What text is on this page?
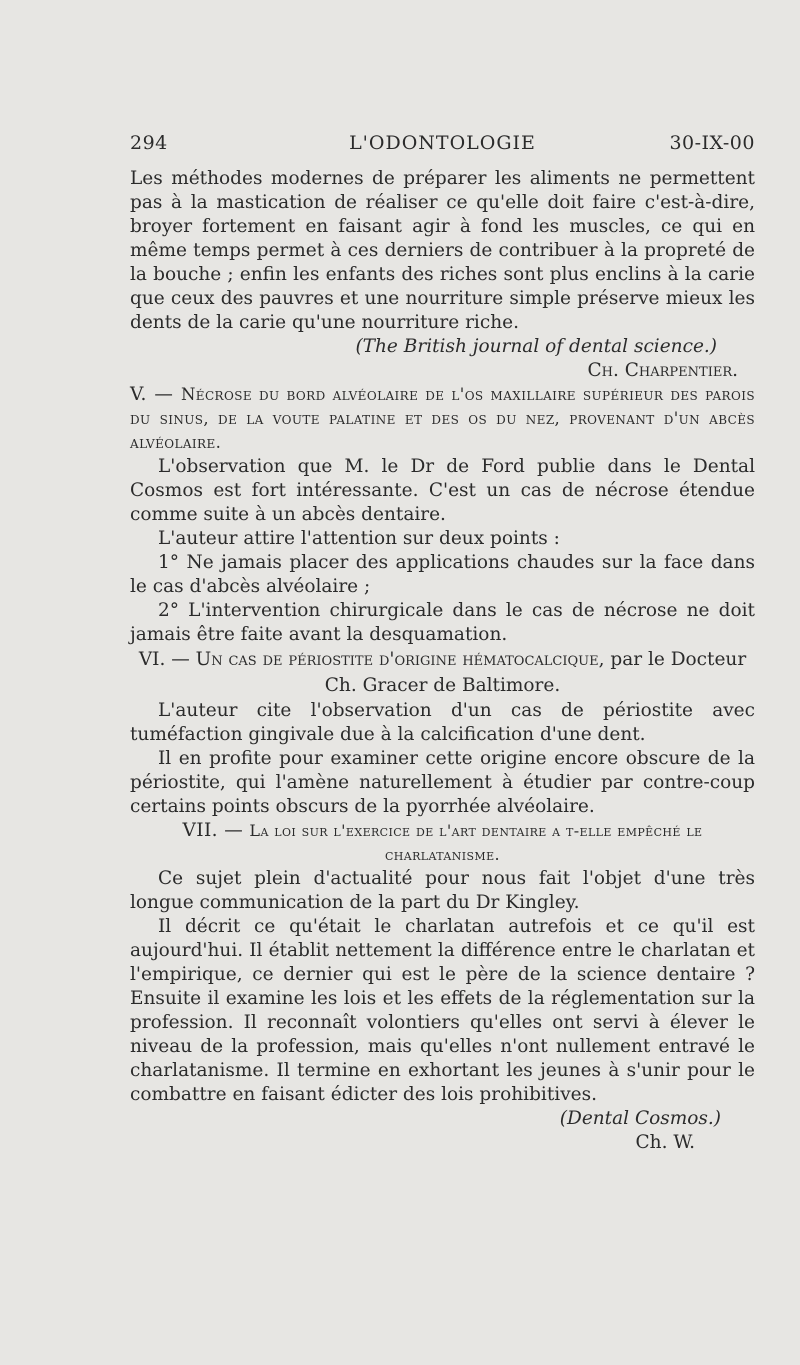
294	L'ODONTOLOGIE	30-IX-00

Les méthodes modernes de préparer les aliments ne permettent pas à la mastication de réaliser ce qu'elle doit faire c'est-à-dire, broyer fortement en faisant agir à fond les muscles, ce qui en même temps permet à ces derniers de contribuer à la propreté de la bouche ; enfin les enfants des riches sont plus enclins à la carie que ceux des pauvres et une nourriture simple préserve mieux les dents de la carie qu'une nourriture riche.

(The British journal of dental science.)

Ch. Charpentier.

V. — Nécrose du bord alvéolaire de l'os maxillaire supérieur des parois du sinus, de la voute palatine et des os du nez, provenant d'un abcès alvéolaire.

L'observation que M. le Dr de Ford publie dans le Dental Cosmos est fort intéressante. C'est un cas de nécrose étendue comme suite à un abcès dentaire.

L'auteur attire l'attention sur deux points :

1° Ne jamais placer des applications chaudes sur la face dans le cas d'abcès alvéolaire ;

2° L'intervention chirurgicale dans le cas de nécrose ne doit jamais être faite avant la desquamation.

VI. — Un cas de périostite d'origine hématocalcique, par le Docteur Ch. Gracer de Baltimore.

L'auteur cite l'observation d'un cas de périostite avec tuméfaction gingivale due à la calcification d'une dent.

Il en profite pour examiner cette origine encore obscure de la périostite, qui l'amène naturellement à étudier par contre-coup certains points obscurs de la pyorrhée alvéolaire.

VII. — La loi sur l'exercice de l'art dentaire a t-elle empêché le charlatanisme.

Ce sujet plein d'actualité pour nous fait l'objet d'une très longue communication de la part du Dr Kingley.

Il décrit ce qu'était le charlatan autrefois et ce qu'il est aujourd'hui. Il établit nettement la différence entre le charlatan et l'empirique, ce dernier qui est le père de la science dentaire ? Ensuite il examine les lois et les effets de la réglementation sur la profession. Il reconnaît volontiers qu'elles ont servi à élever le niveau de la profession, mais qu'elles n'ont nullement entravé le charlatanisme. Il termine en exhortant les jeunes à s'unir pour le combattre en faisant édicter des lois prohibitives.

(Dental Cosmos.)

Ch. W.
